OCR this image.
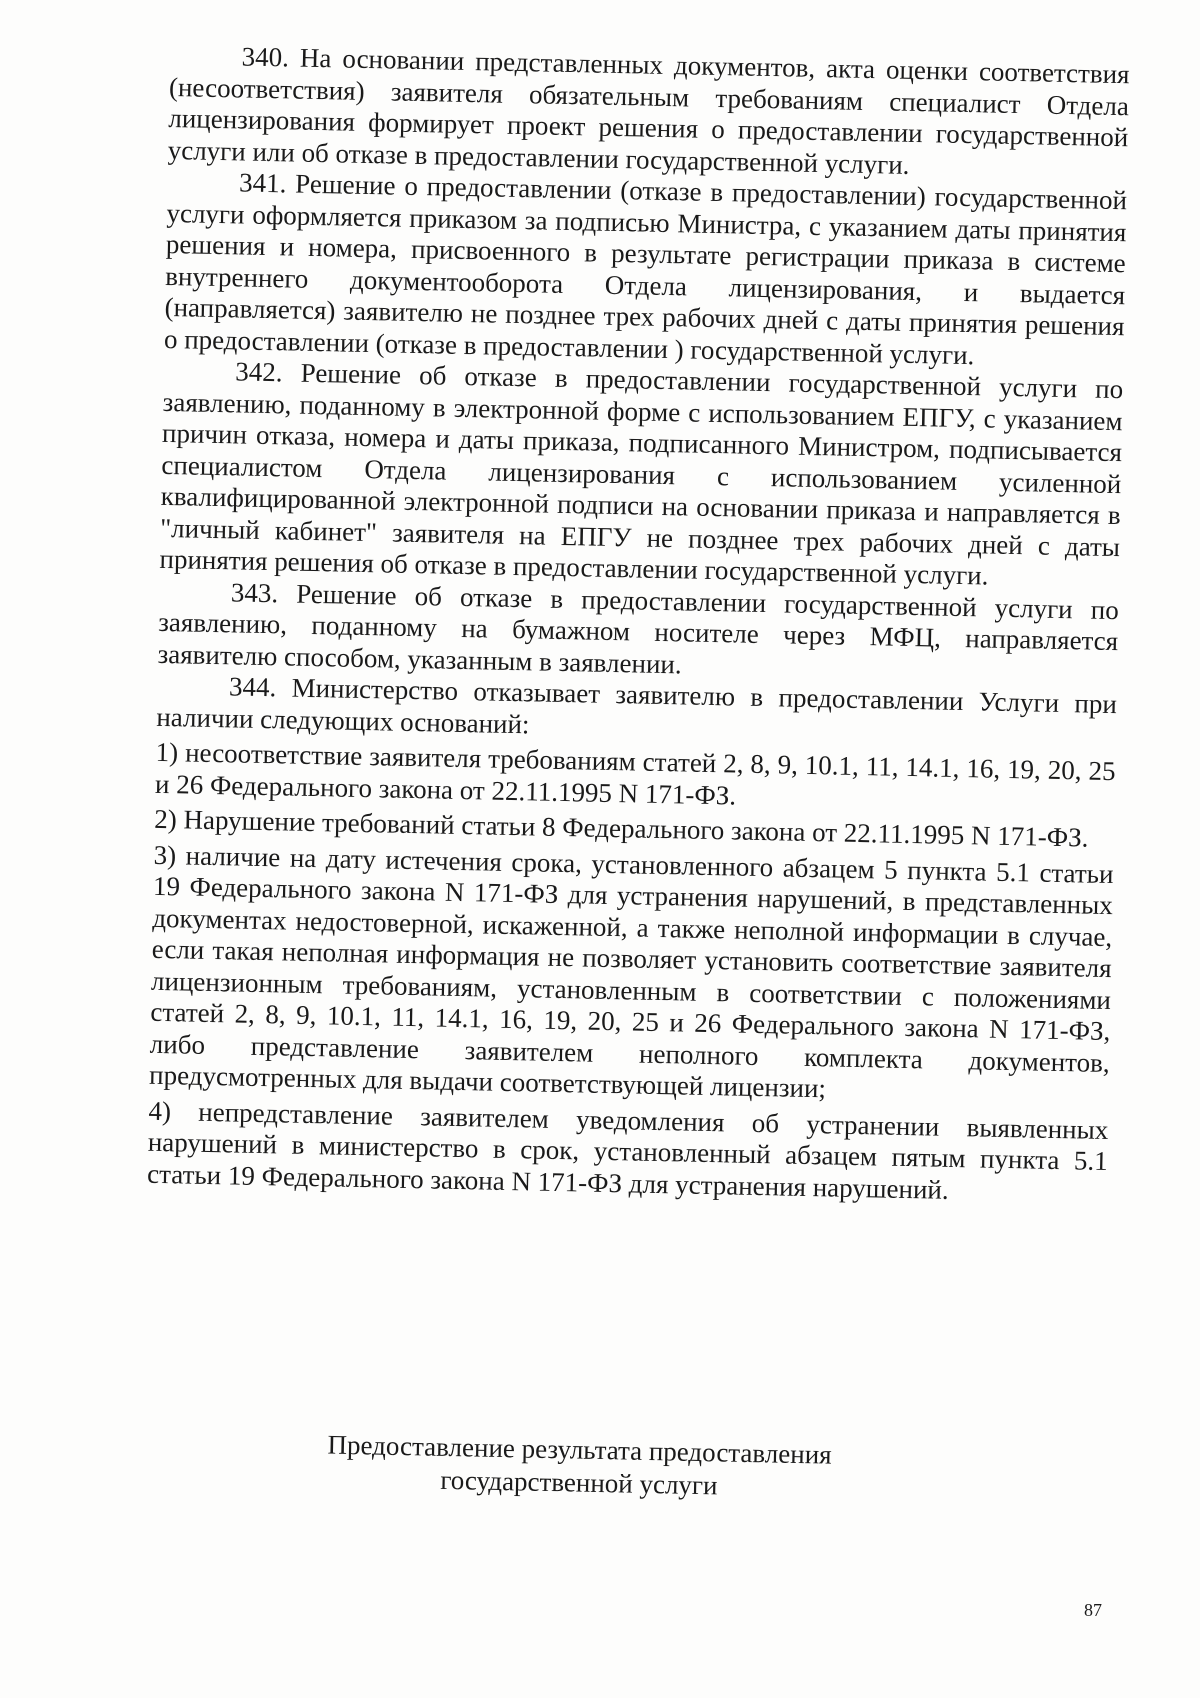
340. На основании представленных документов, акта оценки соответствия (несоответствия) заявителя обязательным требованиям специалист Отдела лицензирования формирует проект решения о предоставлении государственной услуги или об отказе в предоставлении государственной услуги.

341. Решение о предоставлении (отказе в предоставлении) государственной услуги оформляется приказом за подписью Министра, с указанием даты принятия решения и номера, присвоенного в результате регистрации приказа в системе внутреннего документооборота Отдела лицензирования, и выдается (направляется) заявителю не позднее трех рабочих дней с даты принятия решения о предоставлении (отказе в предоставлении ) государственной услуги.

342. Решение об отказе в предоставлении государственной услуги по заявлению, поданному в электронной форме с использованием ЕПГУ, с указанием причин отказа, номера и даты приказа, подписанного Министром, подписывается специалистом Отдела лицензирования с использованием усиленной квалифицированной электронной подписи на основании приказа и направляется в "личный кабинет" заявителя на ЕПГУ не позднее трех рабочих дней с даты принятия решения об отказе в предоставлении государственной услуги.

343. Решение об отказе в предоставлении государственной услуги по заявлению, поданному на бумажном носителе через МФЦ, направляется заявителю способом, указанным в заявлении.

344. Министерство отказывает заявителю в предоставлении Услуги при наличии следующих оснований:

1) несоответствие заявителя требованиям статей 2, 8, 9, 10.1, 11, 14.1, 16, 19, 20, 25 и 26 Федерального закона от 22.11.1995 N 171-ФЗ.

2) Нарушение требований статьи 8 Федерального закона от 22.11.1995 N 171-ФЗ.

3) наличие на дату истечения срока, установленного абзацем 5 пункта 5.1 статьи 19 Федерального закона N 171-ФЗ для устранения нарушений, в представленных документах недостоверной, искаженной, а также неполной информации в случае, если такая неполная информация не позволяет установить соответствие заявителя лицензионным требованиям, установленным в соответствии с положениями статей 2, 8, 9, 10.1, 11, 14.1, 16, 19, 20, 25 и 26 Федерального закона N 171-ФЗ, либо представление заявителем неполного комплекта документов, предусмотренных для выдачи соответствующей лицензии;

4) непредставление заявителем уведомления об устранении выявленных нарушений в министерство в срок, установленный абзацем пятым пункта 5.1 статьи 19 Федерального закона N 171-ФЗ для устранения нарушений.

Предоставление результата предоставления
государственной услуги
87
